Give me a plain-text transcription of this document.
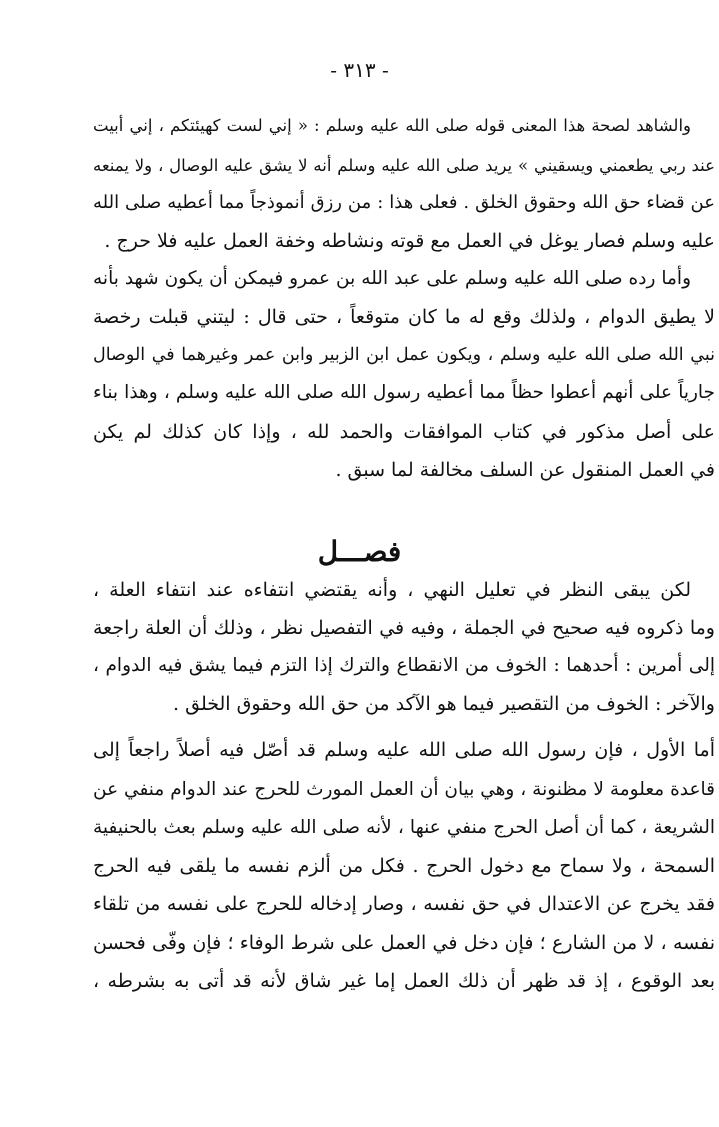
- ٣١٣ -
والشاهد لصحة هذا المعنى قوله صلى الله عليه وسلم : « إني لست كهيئتكم ، إني أبيت
عند ربي يطعمني ويسقيني » يريد صلى الله عليه وسلم أنه لا يشق عليه الوصال ، ولا يمنعه
عن قضاء حق الله وحقوق الخلق . فعلى هذا : من رزق أنموذجاً مما أعطيه صلى الله
عليه وسلم فصار يوغل في العمل مع قوته ونشاطه وخفة العمل عليه فلا حرج .
وأما رده صلى الله عليه وسلم على عبد الله بن عمرو فيمكن أن يكون شهد بأنه
لا يطيق الدوام ، ولذلك وقع له ما كان متوقعاً ، حتى قال : ليتني قبلت رخصة
نبي الله صلى الله عليه وسلم ، ويكون عمل ابن الزبير وابن عمر وغيرهما في الوصال
جارياً على أنهم أعطوا حظاً مما أعطيه رسول الله صلى الله عليه وسلم ، وهذا بناء
على أصل مذكور في كتاب الموافقات والحمد لله ، وإذا كان كذلك لم يكن
في العمل المنقول عن السلف مخالفة لما سبق .
فصـــل
لكن يبقى النظر في تعليل النهي ، وأنه يقتضي انتفاءه عند انتفاء العلة ،
وما ذكروه فيه صحيح في الجملة ، وفيه في التفصيل نظر ، وذلك أن العلة راجعة
إلى أمرين : أحدهما : الخوف من الانقطاع والترك إذا التزم فيما يشق فيه الدوام ،
والآخر : الخوف من التقصير فيما هو الآكد من حق الله وحقوق الخلق .
أما الأول ، فإن رسول الله صلى الله عليه وسلم قد أصّل فيه أصلاً راجعاً إلى
قاعدة معلومة لا مظنونة ، وهي بيان أن العمل المورث للحرج عند الدوام منفي عن
الشريعة ، كما أن أصل الحرج منفي عنها ، لأنه صلى الله عليه وسلم بعث بالحنيفية
السمحة ، ولا سماح مع دخول الحرج . فكل من ألزم نفسه ما يلقى فيه الحرج
فقد يخرج عن الاعتدال في حق نفسه ، وصار إدخاله للحرج على نفسه من تلقاء
نفسه ، لا من الشارع ؛ فإن دخل في العمل على شرط الوفاء ؛ فإن وفّى فحسن
بعد الوقوع ، إذ قد ظهر أن ذلك العمل إما غير شاق لأنه قد أتى به بشرطه ،
